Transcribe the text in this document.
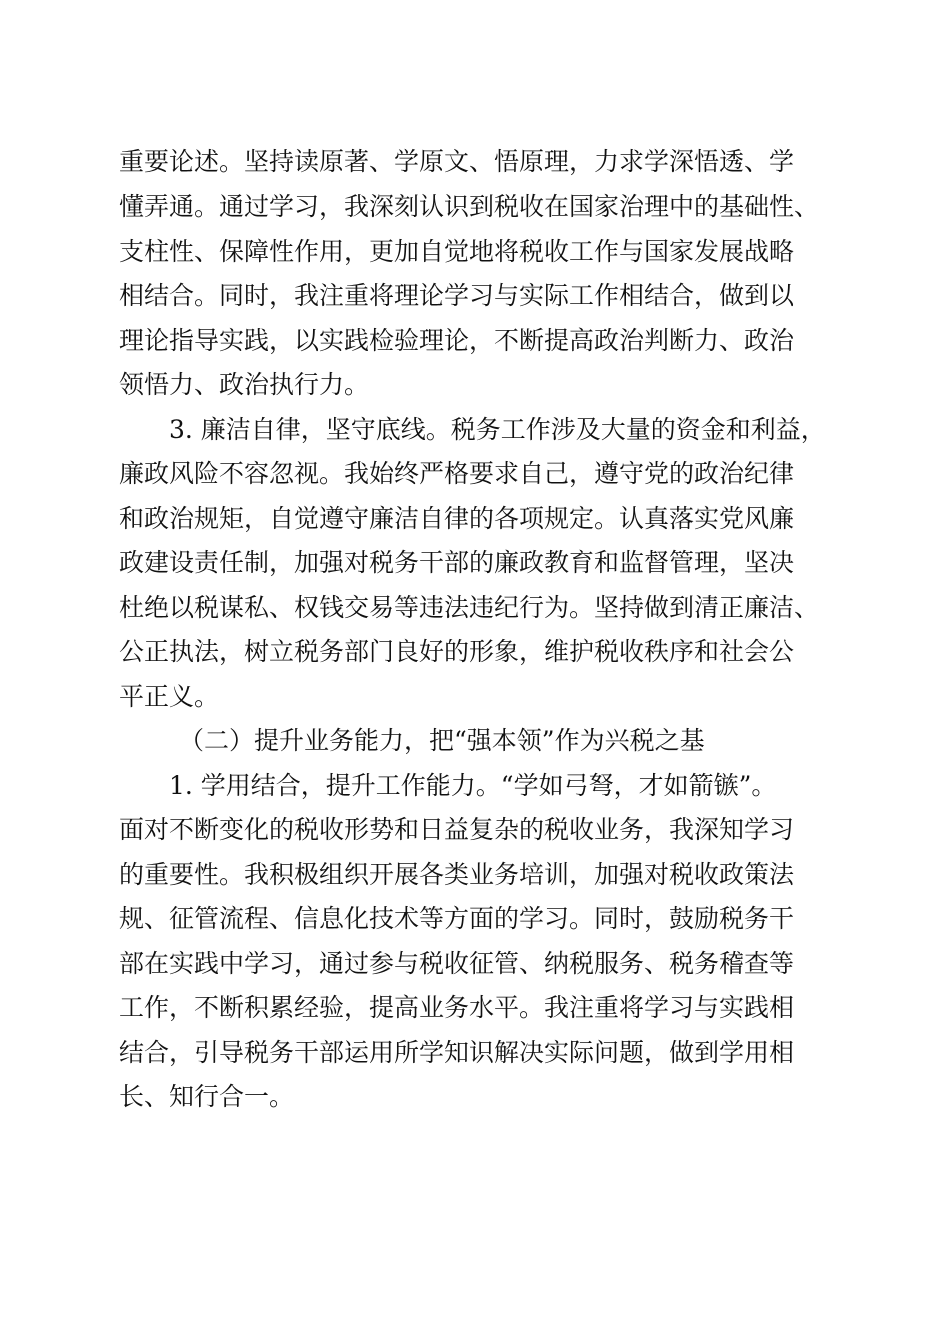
重要论述。坚持读原著、学原文、悟原理，力求学深悟透、学

懂弄通。通过学习，我深刻认识到税收在国家治理中的基础性、

支柱性、保障性作用，更加自觉地将税收工作与国家发展战略

相结合。同时，我注重将理论学习与实际工作相结合，做到以

理论指导实践，以实践检验理论，不断提高政治判断力、政治

领悟力、政治执行力。

3. 廉洁自律，坚守底线。税务工作涉及大量的资金和利益，

廉政风险不容忽视。我始终严格要求自己，遵守党的政治纪律

和政治规矩，自觉遵守廉洁自律的各项规定。认真落实党风廉

政建设责任制，加强对税务干部的廉政教育和监督管理，坚决

杜绝以税谋私、权钱交易等违法违纪行为。坚持做到清正廉洁、

公正执法，树立税务部门良好的形象，维护税收秩序和社会公

平正义。

（二）提升业务能力，把“强本领”作为兴税之基

1. 学用结合，提升工作能力。“学如弓弩，才如箭镞”。

面对不断变化的税收形势和日益复杂的税收业务，我深知学习

的重要性。我积极组织开展各类业务培训，加强对税收政策法

规、征管流程、信息化技术等方面的学习。同时，鼓励税务干

部在实践中学习，通过参与税收征管、纳税服务、税务稽查等

工作，不断积累经验，提高业务水平。我注重将学习与实践相

结合，引导税务干部运用所学知识解决实际问题，做到学用相

长、知行合一。
